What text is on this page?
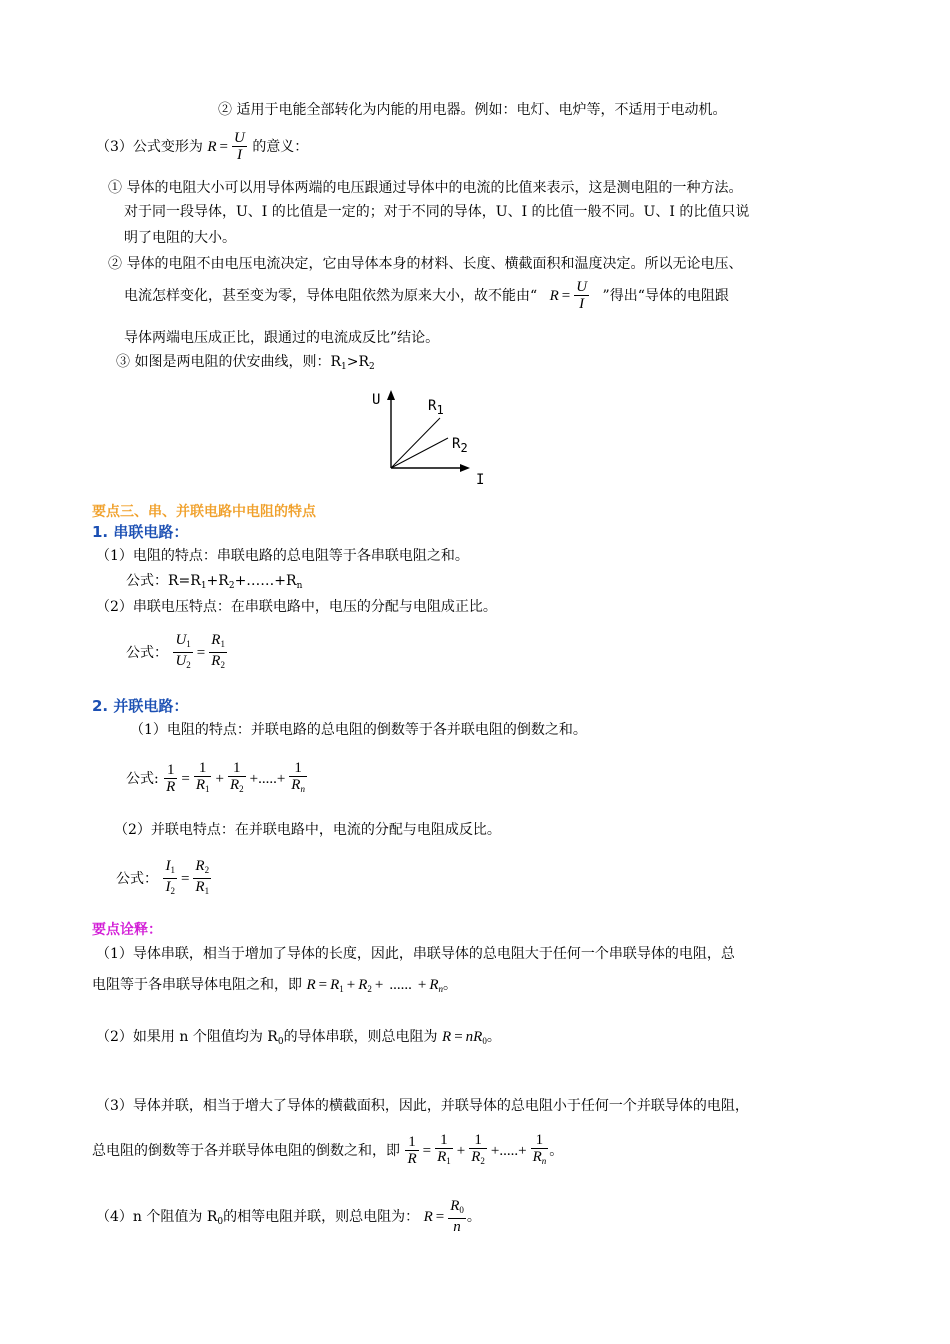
② 适用于电能全部转化为内能的用电器。例如：电灯、电炉等，不适用于电动机。
（3）公式变形为 $R = \frac{U}{I}$ 的意义：
① 导体的电阻大小可以用导体两端的电压跟通过导体中的电流的比值来表示，这是测电阻的一种方法。
对于同一段导体，U、I 的比值是一定的；对于不同的导体，U、I 的比值一般不同。U、I 的比值只说
明了电阻的大小。
② 导体的电阻不由电压电流决定，它由导体本身的材料、长度、横截面积和温度决定。所以无论电压、
电流怎样变化，甚至变为零，导体电阻依然为原来大小，故不能由“ $R = \frac{U}{I}$ ”得出“导体的电阻跟
导体两端电压成正比，跟通过的电流成反比”结论。
③ 如图是两电阻的伏安曲线，则：$R_1>R_2$
U
I
R1
R2
要点三、串、并联电路中电阻的特点
1. 串联电路：
（1）电阻的特点：串联电路的总电阻等于各串联电阻之和。
公式：$R=R_1+R_2+\dots\dots+R_n$
（2）串联电压特点：在串联电路中，电压的分配与电阻成正比。
公式： $\frac{U_1}{U_2} = \frac{R_1}{R_2}$
2. 并联电路：
（1）电阻的特点：并联电路的总电阻的倒数等于各并联电阻的倒数之和。
公式: $\frac{1}{R} = \frac{1}{R_1} + \frac{1}{R_2}$ +.....+ $\frac{1}{R_n}$
（2）并联电特点：在并联电路中，电流的分配与电阻成反比。
公式： $\frac{I_1}{I_2} = \frac{R_2}{R_1}$
要点诠释：
（1）导体串联，相当于增加了导体的长度，因此，串联导体的总电阻大于任何一个串联导体的电阻，总
电阻等于各串联导体电阻之和，即 $R = R_1 + R_2$ + ...... + $R_n$。
（2）如果用 n 个阻值均为 $R_0$的导体串联，则总电阻为 $R = nR_0$。
（3）导体并联，相当于增大了导体的横截面积，因此，并联导体的总电阻小于任何一个并联导体的电阻，
总电阻的倒数等于各并联导体电阻的倒数之和，即 $\frac{1}{R} = \frac{1}{R_1} + \frac{1}{R_2}$ +.....+ $\frac{1}{R_n}$ 。
（4）n 个阻值为 $R_0$的相等电阻并联，则总电阻为： $R = \frac{R_0}{n}$ 。
